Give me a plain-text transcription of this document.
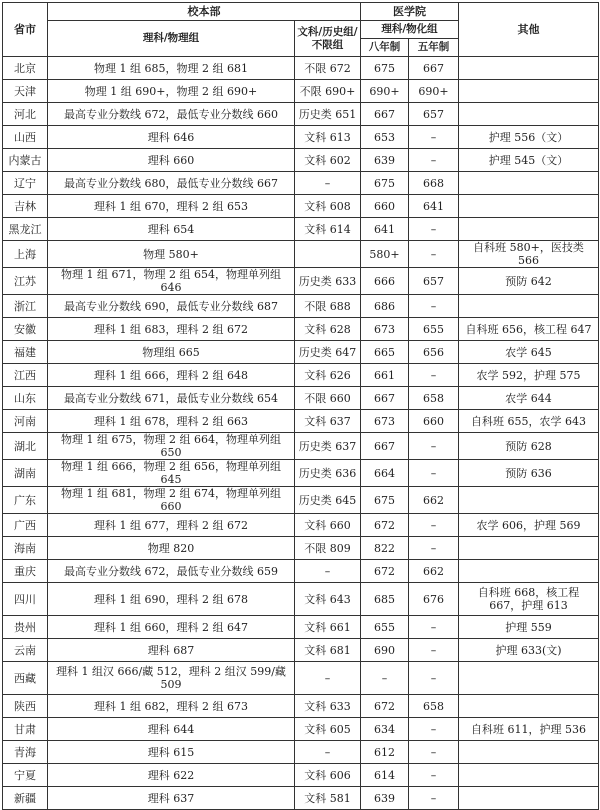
省市	校本部		医学院		其他
	理科/物理组	文科/历史组/不限组	理科/物化组		
			八年制	五年制	
北京	物理 1 组 685，物理 2 组 681	不限 672	675	667	
天津	物理 1 组 690+，物理 2 组 690+	不限 690+	690+	690+	
河北	最高专业分数线 672，最低专业分数线 660	历史类 651	667	657	
山西	理科 646	文科 613	653	–	护理 556（文）
内蒙古	理科 660	文科 602	639	–	护理 545（文）
辽宁	最高专业分数线 680，最低专业分数线 667	–	675	668	
吉林	理科 1 组 670，理科 2 组 653	文科 608	660	641	
黑龙江	理科 654	文科 614	641	–	
上海	物理 580+		580+	–	自科班 580+，医技类 566
江苏	物理 1 组 671，物理 2 组 654，物理单列组 646	历史类 633	666	657	预防 642
浙江	最高专业分数线 690，最低专业分数线 687	不限 688	686	–	
安徽	理科 1 组 683，理科 2 组 672	文科 628	673	655	自科班 656，核工程 647
福建	物理组 665	历史类 647	665	656	农学 645
江西	理科 1 组 666，理科 2 组 648	文科 626	661	–	农学 592，护理 575
山东	最高专业分数线 671，最低专业分数线 654	不限 660	667	658	农学 644
河南	理科 1 组 678，理科 2 组 663	文科 637	673	660	自科班 655，农学 643
湖北	物理 1 组 675，物理 2 组 664，物理单列组 650	历史类 637	667	–	预防 628
湖南	物理 1 组 666，物理 2 组 656，物理单列组 645	历史类 636	664	–	预防 636
广东	物理 1 组 681，物理 2 组 674，物理单列组 660	历史类 645	675	662	
广西	理科 1 组 677，理科 2 组 672	文科 660	672	–	农学 606，护理 569
海南	物理 820	不限 809	822	–	
重庆	最高专业分数线 672，最低专业分数线 659	–	672	662	
四川	理科 1 组 690，理科 2 组 678	文科 643	685	676	自科班 668，核工程 667，护理 613
贵州	理科 1 组 660，理科 2 组 647	文科 661	655	–	护理 559
云南	理科 687	文科 681	690	–	护理 633(文)
西藏	理科 1 组汉 666/藏 512，理科 2 组汉 599/藏 509	–	–	–	
陕西	理科 1 组 682，理科 2 组 673	文科 633	672	658	
甘肃	理科 644	文科 605	634	–	自科班 611，护理 536
青海	理科 615	–	612	–	
宁夏	理科 622	文科 606	614	–	
新疆	理科 637	文科 581	639	–	
